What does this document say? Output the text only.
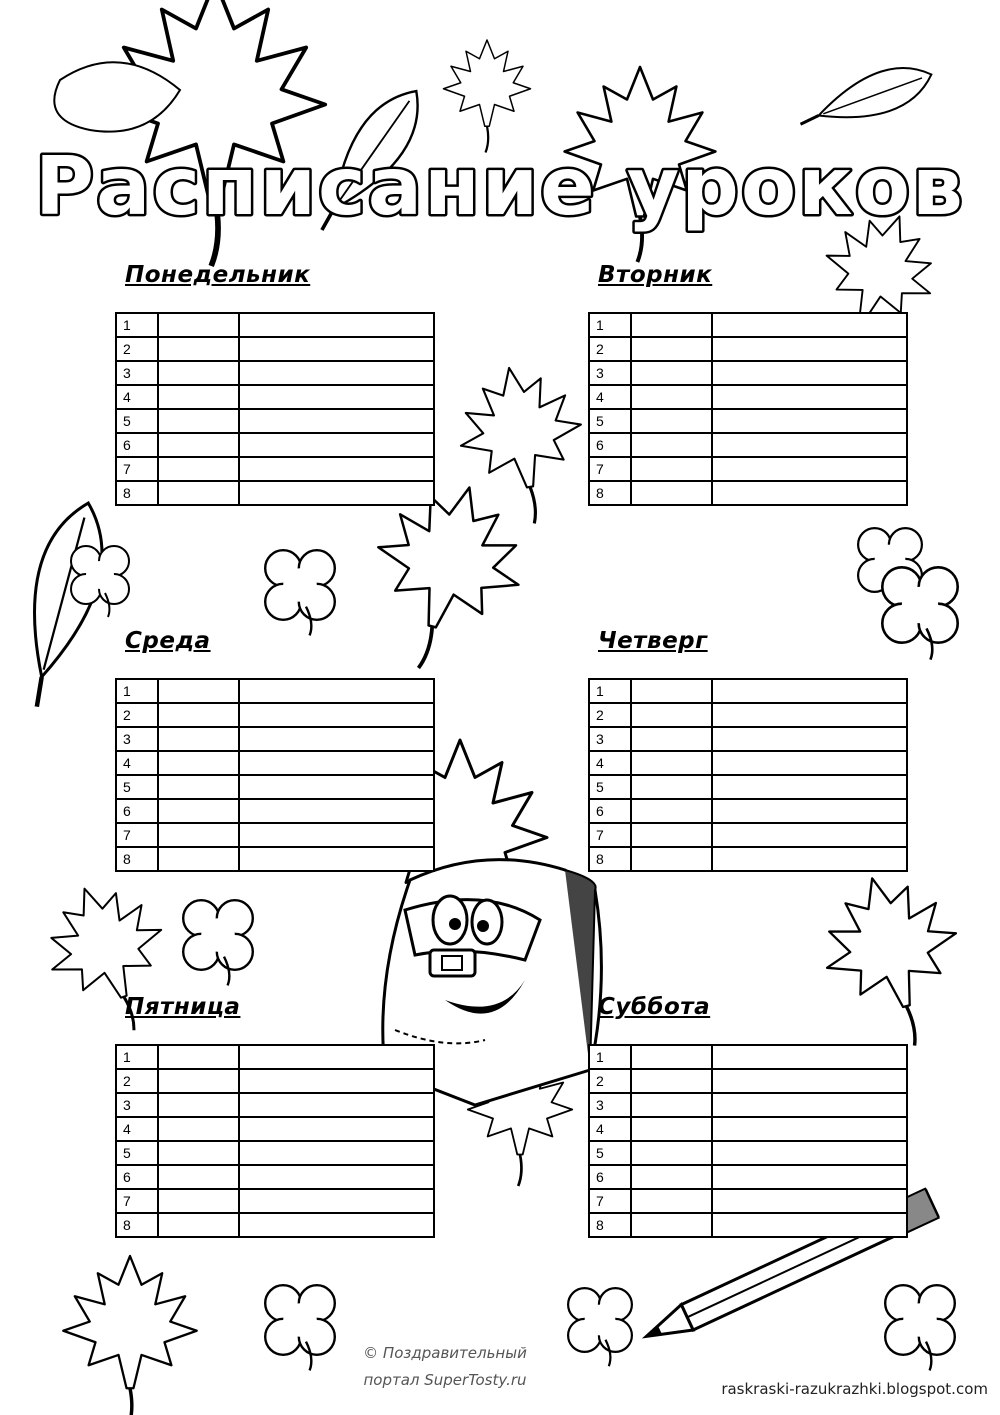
Расписание уроков
Понедельник
1		
2		
3		
4		
5		
6		
7		
8		
Вторник
1		
2		
3		
4		
5		
6		
7		
8		
Среда
1		
2		
3		
4		
5		
6		
7		
8		
Четверг
1		
2		
3		
4		
5		
6		
7		
8		
Пятница
1		
2		
3		
4		
5		
6		
7		
8		
Суббота
1		
2		
3		
4		
5		
6		
7		
8		
© Поздравительный
портал SuperTosty.ru	raskraski-razukrazhki.blogspot.com
